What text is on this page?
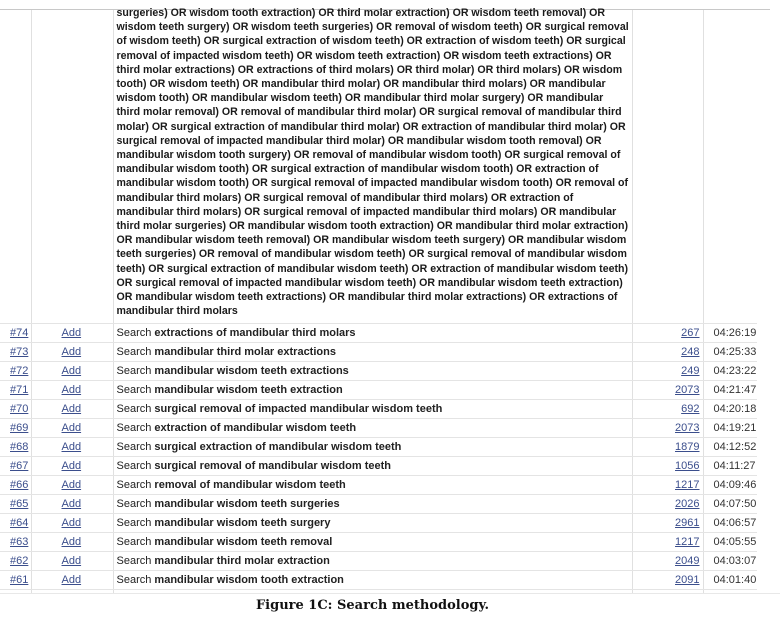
		surgeries) OR wisdom tooth extraction) OR third molar extraction) OR wisdom teeth removal) OR wisdom teeth surgery) OR wisdom teeth surgeries) OR removal of wisdom teeth) OR surgical removal of wisdom teeth) OR surgical extraction of wisdom teeth) OR extraction of wisdom teeth) OR surgical removal of impacted wisdom teeth) OR wisdom teeth extraction) OR wisdom teeth extractions) OR third molar extractions) OR extractions of third molars) OR third molar) OR third molars) OR wisdom tooth) OR wisdom teeth) OR mandibular third molar) OR mandibular third molars) OR mandibular wisdom tooth) OR mandibular wisdom teeth) OR mandibular third molar surgery) OR mandibular third molar removal) OR removal of mandibular third molar) OR surgical removal of mandibular third molar) OR surgical extraction of mandibular third molar) OR extraction of mandibular third molar) OR surgical removal of impacted mandibular third molar) OR mandibular wisdom tooth removal) OR mandibular wisdom tooth surgery) OR removal of mandibular wisdom tooth) OR surgical removal of mandibular wisdom tooth) OR surgical extraction of mandibular wisdom tooth) OR extraction of mandibular wisdom tooth) OR surgical removal of impacted mandibular wisdom tooth) OR removal of mandibular third molars) OR surgical removal of mandibular third molars) OR extraction of mandibular third molars) OR surgical removal of impacted mandibular third molars) OR mandibular third molar surgeries) OR mandibular wisdom tooth extraction) OR mandibular third molar extraction) OR mandibular wisdom teeth removal) OR mandibular wisdom teeth surgery) OR mandibular wisdom teeth surgeries) OR removal of mandibular wisdom teeth) OR surgical removal of mandibular wisdom teeth) OR surgical extraction of mandibular wisdom teeth) OR extraction of mandibular wisdom teeth) OR surgical removal of impacted mandibular wisdom teeth) OR mandibular wisdom teeth extraction) OR mandibular wisdom teeth extractions) OR mandibular third molar extractions) OR extractions of mandibular third molars		

#74	Add	Search extractions of mandibular third molars	267	04:26:19
#73	Add	Search mandibular third molar extractions	248	04:25:33
#72	Add	Search mandibular wisdom teeth extractions	249	04:23:22
#71	Add	Search mandibular wisdom teeth extraction	2073	04:21:47
#70	Add	Search surgical removal of impacted mandibular wisdom teeth	692	04:20:18
#69	Add	Search extraction of mandibular wisdom teeth	2073	04:19:21
#68	Add	Search surgical extraction of mandibular wisdom teeth	1879	04:12:52
#67	Add	Search surgical removal of mandibular wisdom teeth	1056	04:11:27
#66	Add	Search removal of mandibular wisdom teeth	1217	04:09:46
#65	Add	Search mandibular wisdom teeth surgeries	2026	04:07:50
#64	Add	Search mandibular wisdom teeth surgery	2961	04:06:57
#63	Add	Search mandibular wisdom teeth removal	1217	04:05:55
#62	Add	Search mandibular third molar extraction	2049	04:03:07
#61	Add	Search mandibular wisdom tooth extraction	2091	04:01:40

Figure 1C: Search methodology.
